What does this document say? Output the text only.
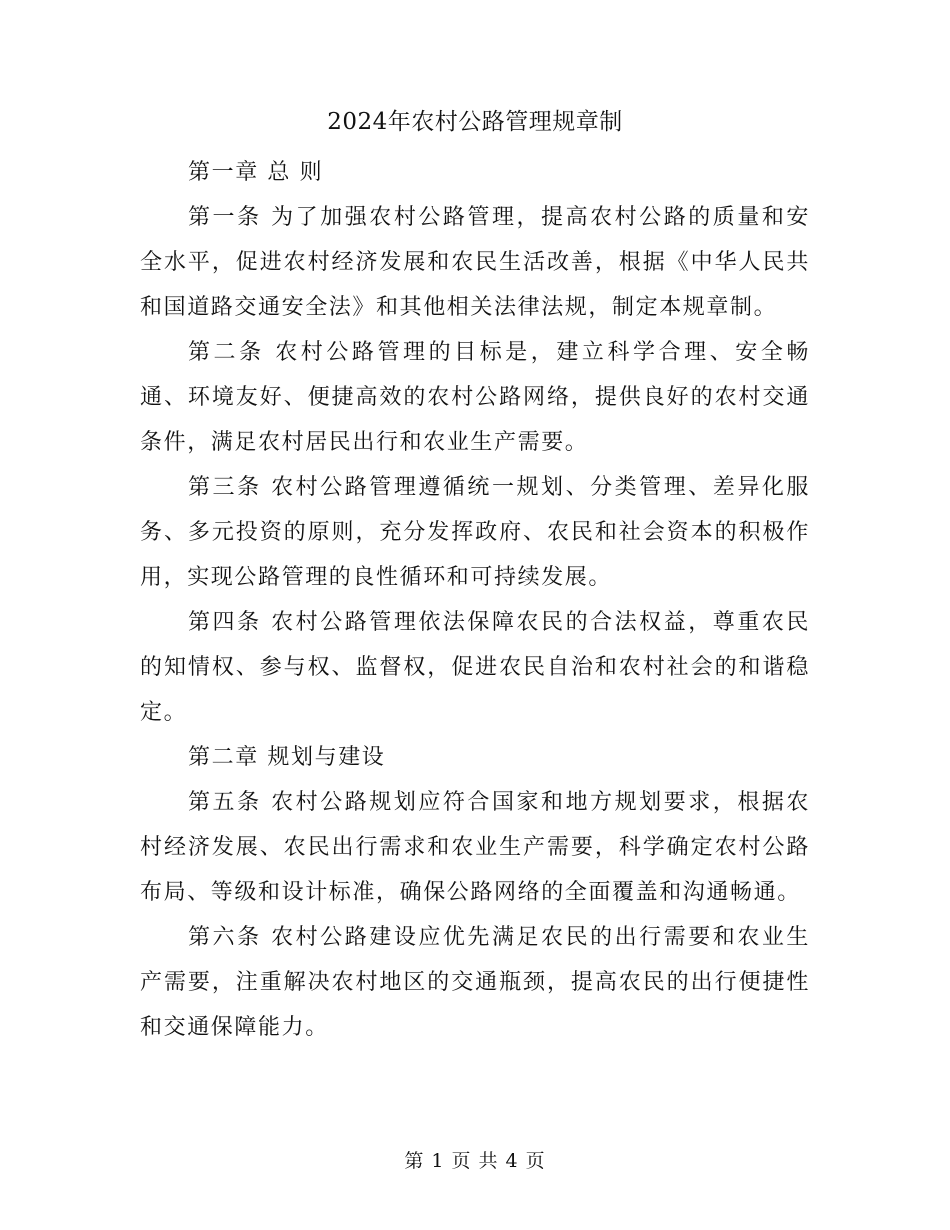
2024年农村公路管理规章制

第一章 总 则

第一条 为了加强农村公路管理，提高农村公路的质量和安全水平，促进农村经济发展和农民生活改善，根据《中华人民共和国道路交通安全法》和其他相关法律法规，制定本规章制。

第二条 农村公路管理的目标是，建立科学合理、安全畅通、环境友好、便捷高效的农村公路网络，提供良好的农村交通条件，满足农村居民出行和农业生产需要。

第三条 农村公路管理遵循统一规划、分类管理、差异化服务、多元投资的原则，充分发挥政府、农民和社会资本的积极作用，实现公路管理的良性循环和可持续发展。

第四条 农村公路管理依法保障农民的合法权益，尊重农民的知情权、参与权、监督权，促进农民自治和农村社会的和谐稳定。

第二章 规划与建设

第五条 农村公路规划应符合国家和地方规划要求，根据农村经济发展、农民出行需求和农业生产需要，科学确定农村公路布局、等级和设计标准，确保公路网络的全面覆盖和沟通畅通。

第六条 农村公路建设应优先满足农民的出行需要和农业生产需要，注重解决农村地区的交通瓶颈，提高农民的出行便捷性和交通保障能力。

第 1 页 共 4 页
